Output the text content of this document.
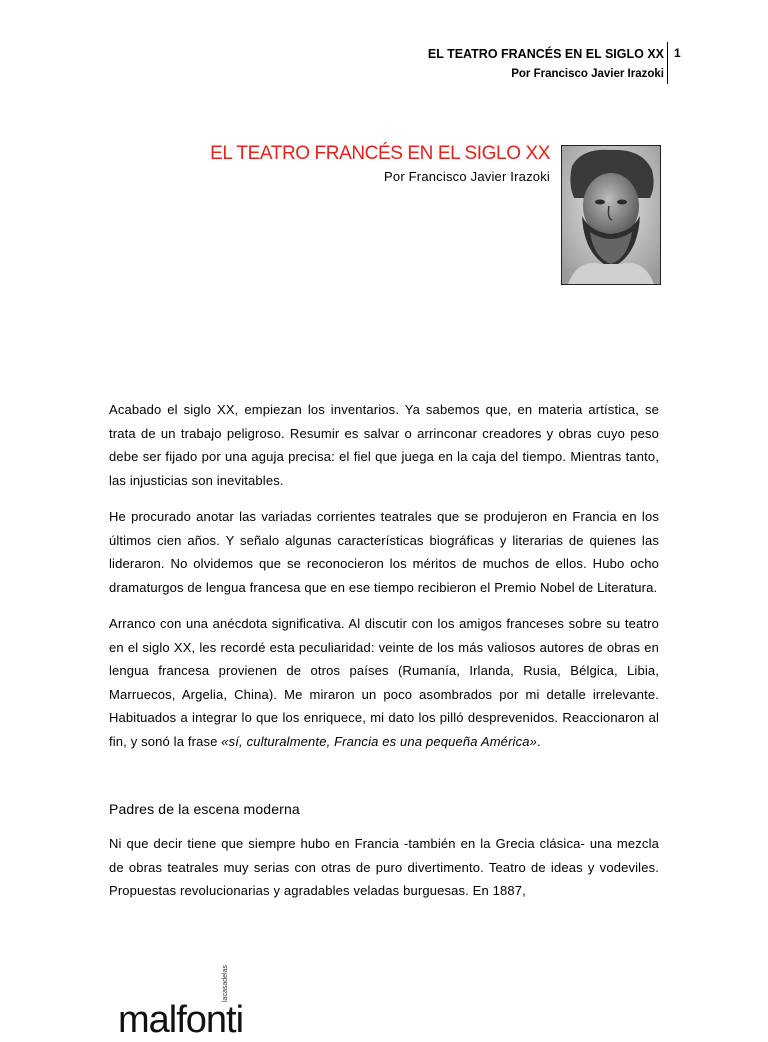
EL TEATRO FRANCÉS EN EL SIGLO XX
Por Francisco Javier Irazoki
1
EL TEATRO FRANCÉS EN EL SIGLO XX
Por Francisco Javier Irazoki

Acabado el siglo XX, empiezan los inventarios. Ya sabemos que, en materia artística, se trata de un trabajo peligroso. Resumir es salvar o arrinconar creadores y obras cuyo peso debe ser fijado por una aguja precisa: el fiel que juega en la caja del tiempo. Mientras tanto, las injusticias son inevitables.

He procurado anotar las variadas corrientes teatrales que se produjeron en Francia en los últimos cien años. Y señalo algunas características biográficas y literarias de quienes las lideraron. No olvidemos que se reconocieron los méritos de muchos de ellos. Hubo ocho dramaturgos de lengua francesa que en ese tiempo recibieron el Premio Nobel de Literatura.

Arranco con una anécdota significativa. Al discutir con los amigos franceses sobre su teatro en el siglo XX, les recordé esta peculiaridad: veinte de los más valiosos autores de obras en lengua francesa provienen de otros países (Rumanía, Irlanda, Rusia, Bélgica, Libia, Marruecos, Argelia, China). Me miraron un poco asombrados por mi detalle irrelevante. Habituados a integrar lo que los enriquece, mi dato los pilló desprevenidos. Reaccionaron al fin, y sonó la frase «sí, culturalmente, Francia es una pequeña América».

Padres de la escena moderna

Ni que decir tiene que siempre hubo en Francia -también en la Grecia clásica- una mezcla de obras teatrales muy serias con otras de puro divertimento. Teatro de ideas y vodeviles. Propuestas revolucionarias y agradables veladas burguesas. En 1887,

malfonti
lacasadelas
